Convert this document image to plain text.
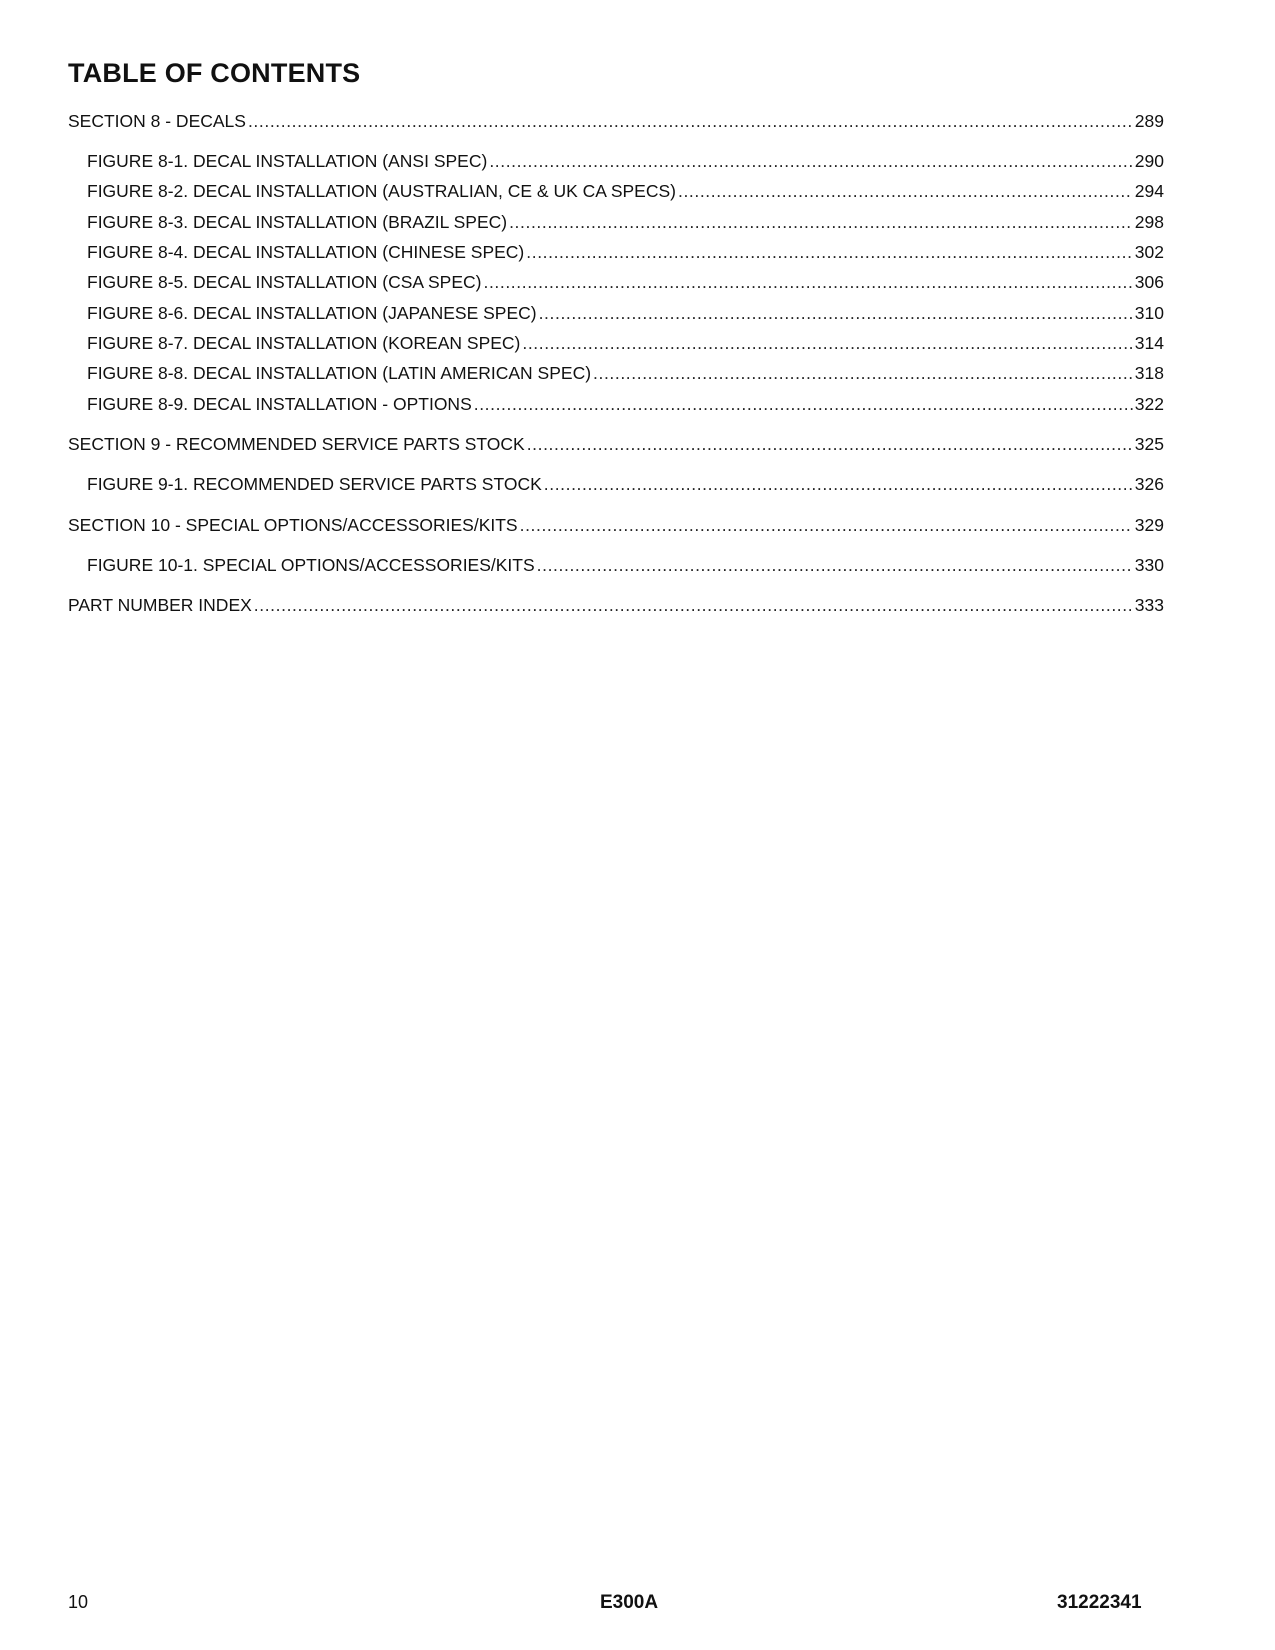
TABLE OF CONTENTS
SECTION 8 - DECALS .....	289
FIGURE 8-1. DECAL INSTALLATION (ANSI SPEC) .....	290
FIGURE 8-2. DECAL INSTALLATION (AUSTRALIAN, CE & UK CA SPECS) .....	294
FIGURE 8-3. DECAL INSTALLATION (BRAZIL SPEC) .....	298
FIGURE 8-4. DECAL INSTALLATION (CHINESE SPEC) .....	302
FIGURE 8-5. DECAL INSTALLATION (CSA SPEC) .....	306
FIGURE 8-6. DECAL INSTALLATION (JAPANESE SPEC) .....	310
FIGURE 8-7. DECAL INSTALLATION (KOREAN SPEC) .....	314
FIGURE 8-8. DECAL INSTALLATION (LATIN AMERICAN SPEC) .....	318
FIGURE 8-9. DECAL INSTALLATION - OPTIONS .....	322
SECTION 9 - RECOMMENDED SERVICE PARTS STOCK .....	325
FIGURE 9-1. RECOMMENDED SERVICE PARTS STOCK .....	326
SECTION 10 - SPECIAL OPTIONS/ACCESSORIES/KITS .....	329
FIGURE 10-1. SPECIAL OPTIONS/ACCESSORIES/KITS .....	330
PART NUMBER INDEX .....	333
10	E300A	31222341
